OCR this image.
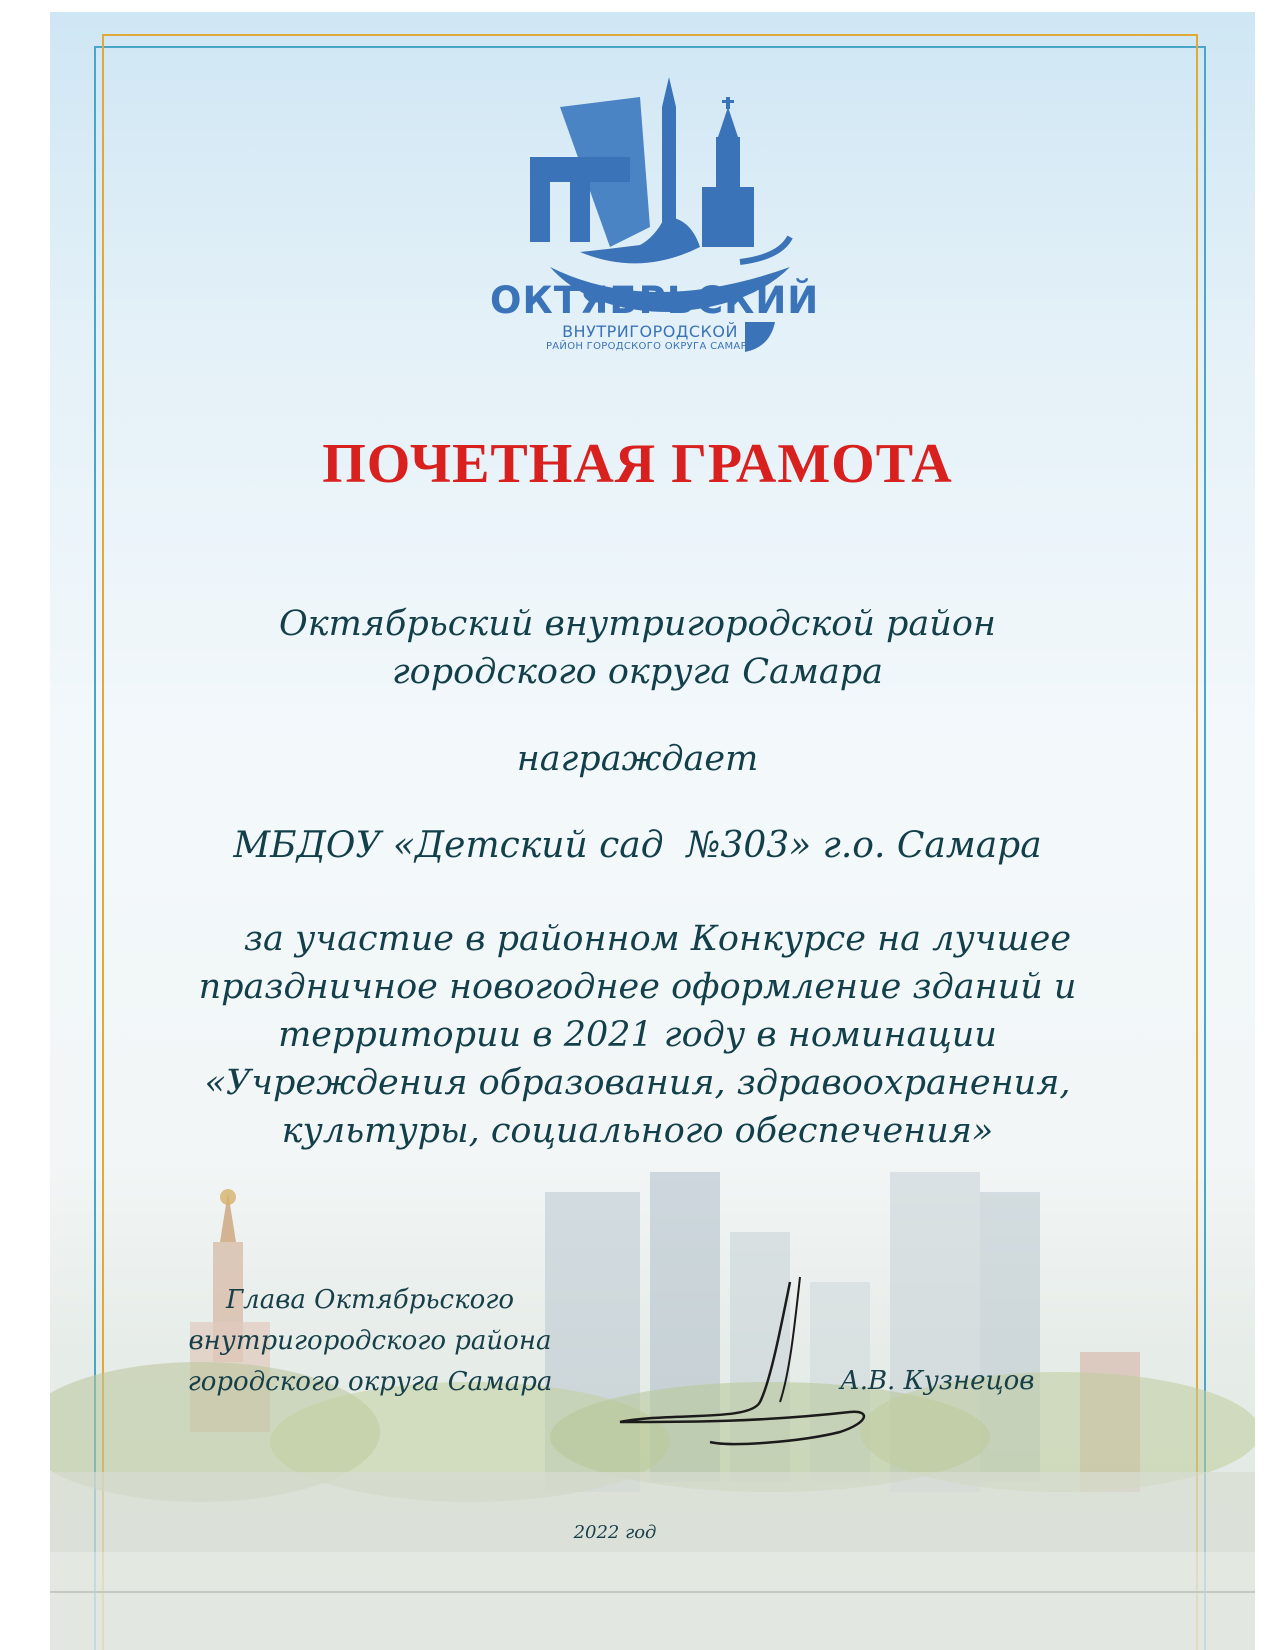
ОКТЯБРЬСКИЙ
ВНУТРИГОРОДСКОЙ
РАЙОН ГОРОДСКОГО ОКРУГА САМАРА
ПОЧЕТНАЯ ГРАМОТА
Октябрьский внутригородской район
городского округа Самара
награждает
МБДОУ «Детский сад  №303» г.о. Самара
за участие в районном Конкурсе на лучшее
праздничное новогоднее оформление зданий и
территории в 2021 году в номинации
«Учреждения образования, здравоохранения,
культуры, социального обеспечения»
Глава Октябрьского
внутригородского района
городского округа Самара	А.В. Кузнецов
2022 год
